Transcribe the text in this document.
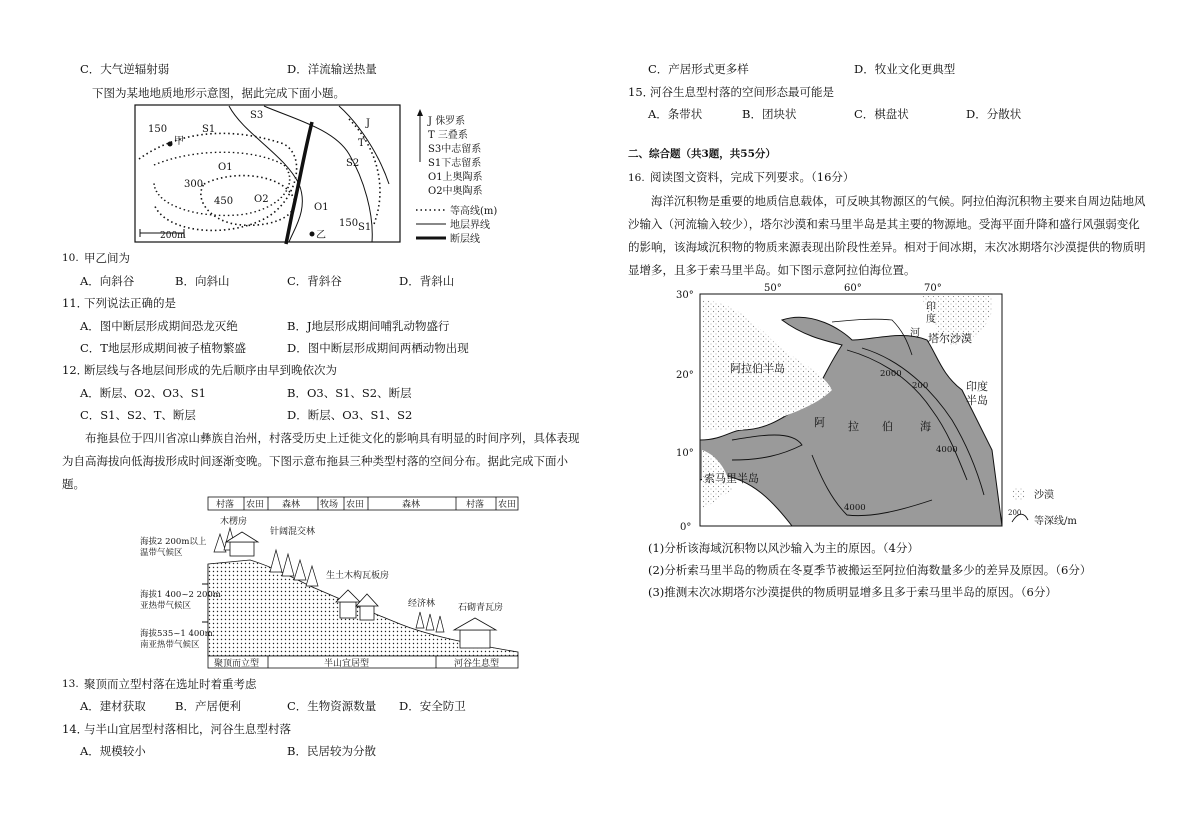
C．大气逆辐射弱	D．洋流输送热量
下图为某地地质地形示意图，据此完成下面小题。
200m
甲
乙
150
300
450
150
S1
S2
S3
J
T
O1
O2
O1
S1
J 侏罗系
T 三叠系
S3中志留系
S1下志留系
O1上奥陶系
O2中奥陶系
等高线(m)
地层界线
断层线
10. 甲乙间为
A．向斜谷	B．向斜山	C．背斜谷	D．背斜山
11．
下列说法正确的是
A．图中断层形成期间恐龙灭绝	B．J地层形成期间哺乳动物盛行
C．T地层形成期间被子植物繁盛	D．图中断层形成期间两栖动物出现
12．
断层线与各地层间形成的先后顺序由早到晚依次为
A．断层、O2、O3、S1	B．O3、S1、S2、断层
C．S1、S2、T、断层	D．断层、O3、S1、S2
布拖县位于四川省凉山彝族自治州，村落受历史上迁徙文化的影响具有明显的时间序列，具体表现为自高海拔向低海拔形成时间逐渐变晚。下图示意布拖县三种类型村落的空间分布。据此完成下面小题。
村落 农田 森林 牧场 农田	森林	村落 农田
木楞房
针阔混交林
生土木构瓦板房
经济林	石砌青瓦房
海拔2 200m以上温带气候区
海拔1 400~2 200m 亚热带气候区
海拔535~1 400m 南亚热带气候区
聚顶而立型	半山宜居型	河谷生息型
13. 聚顶而立型村落在选址时着重考虑
A．建材获取	B．产居便利	C．生物资源数量 D．安全防卫
14．
与半山宜居型村落相比，河谷生息型村落
A．规模较小	B．民居较为分散
C．产居形式更多样	D．牧业文化更典型
15．
河谷生息型村落的空间形态最可能是
A．条带状	B．团块状	C．棋盘状	D．分散状
二、综合题（共3题，共55分）
16. 阅读图文资料，完成下列要求。（16分）
海洋沉积物是重要的地质信息载体，可反映其物源区的气候。阿拉伯海沉积物主要来自周边陆地风沙输入（河流输入较少），塔尔沙漠和索马里半岛是其主要的物源地。受海平面升降和盛行风强弱变化的影响，该海域沉积物的物质来源表现出阶段性差异。相对于间冰期，末次冰期塔尔沙漠提供的物质明显增多，且多于索马里半岛。如下图示意阿拉伯海位置。
50°	60°	70°
30°
20°
10°
0°
阿拉伯半岛
索马里半岛
塔尔沙漠
印度半岛
印度河
阿 拉 伯 海
2000
200
4000
4000
沙漠
200
等深线/m
(1)分析该海域沉积物以风沙输入为主的原因。（4分）
(2)分析索马里半岛的物质在冬夏季节被搬运至阿拉伯海数量多少的差异及原因。（6分）
(3)推测末次冰期塔尔沙漠提供的物质明显增多且多于索马里半岛的原因。（6分）
